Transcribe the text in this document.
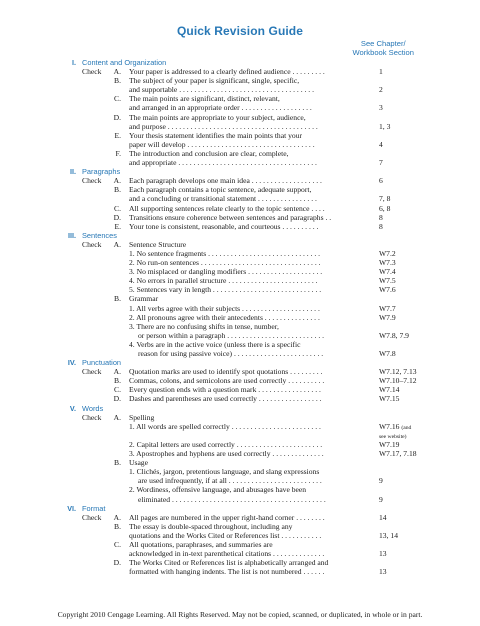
Quick Revision Guide
See Chapter/
Workbook Section
I. Content and Organization
Check	A. Your paper is addressed to a clearly defined audience . . . . . . . . .	1
B. The subject of your paper is significant, single, specific,
and supportable . . . . . . . . . . . . . . . . . . . . . . . . . . . . . . . . . . . .	2
C. The main points are significant, distinct, relevant,
and arranged in an appropriate order . . . . . . . . . . . . . . . . . . .	3
D. The main points are appropriate to your subject, audience,
and purpose . . . . . . . . . . . . . . . . . . . . . . . . . . . . . . . . . . . . . . . .	1, 3
E. Your thesis statement identifies the main points that your
paper will develop . . . . . . . . . . . . . . . . . . . . . . . . . . . . . . . . . .	4
F. The introduction and conclusion are clear, complete,
and appropriate . . . . . . . . . . . . . . . . . . . . . . . . . . . . . . . . . . . . .	7
II. Paragraphs
Check	A. Each paragraph develops one main idea . . . . . . . . . . . . . . . . . . .	6
B. Each paragraph contains a topic sentence, adequate support,
and a concluding or transitional statement . . . . . . . . . . . . . . . .	7, 8
C. All supporting sentences relate clearly to the topic sentence . . . .	6, 8
D. Transitions ensure coherence between sentences and paragraphs . .	8
E. Your tone is consistent, reasonable, and courteous . . . . . . . . . .	8
III. Sentences
Check	A. Sentence Structure
1. No sentence fragments . . . . . . . . . . . . . . . . . . . . . . . . . . . . . .	W7.2
2. No run-on sentences . . . . . . . . . . . . . . . . . . . . . . . . . . . . . . . .	W7.3
3. No misplaced or dangling modifiers . . . . . . . . . . . . . . . . . . . .	W7.4
4. No errors in parallel structure . . . . . . . . . . . . . . . . . . . . . . . .	W7.5
5. Sentences vary in length . . . . . . . . . . . . . . . . . . . . . . . . . . . . .	W7.6
B. Grammar
1. All verbs agree with their subjects . . . . . . . . . . . . . . . . . . . . .	W7.7
2. All pronouns agree with their antecedents . . . . . . . . . . . . . . .	W7.9
3. There are no confusing shifts in tense, number,
or person within a paragraph . . . . . . . . . . . . . . . . . . . . . . . . . .	W7.8, 7.9
4. Verbs are in the active voice (unless there is a specific
reason for using passive voice) . . . . . . . . . . . . . . . . . . . . . . . .	W7.8
IV. Punctuation
Check	A. Quotation marks are used to identify spot quotations . . . . . . . . .	W7.12, 7.13
B. Commas, colons, and semicolons are used correctly . . . . . . . . . .	W7.10–7.12
C. Every question ends with a question mark . . . . . . . . . . . . . . . . .	W7.14
D. Dashes and parentheses are used correctly . . . . . . . . . . . . . . . . .	W7.15
V. Words
Check	A. Spelling
1. All words are spelled correctly . . . . . . . . . . . . . . . . . . . . . . . .	W7.16 (and
see website)
2. Capital letters are used correctly . . . . . . . . . . . . . . . . . . . . . . .	W7.19
3. Apostrophes and hyphens are used correctly . . . . . . . . . . . . . .	W7.17, 7.18
B. Usage
1. Clichés, jargon, pretentious language, and slang expressions
are used infrequently, if at all . . . . . . . . . . . . . . . . . . . . . . . . .	9
2. Wordiness, offensive language, and abusages have been
eliminated . . . . . . . . . . . . . . . . . . . . . . . . . . . . . . . . . . . . . . . . .	9
VI. Format
Check	A. All pages are numbered in the upper right-hand corner . . . . . . . .	14
B. The essay is double-spaced throughout, including any
quotations and the Works Cited or References list . . . . . . . . . . .	13, 14
C. All quotations, paraphrases, and summaries are
acknowledged in in-text parenthetical citations . . . . . . . . . . . . . .	13
D. The Works Cited or References list is alphabetically arranged and
formatted with hanging indents. The list is not numbered . . . . . .	13
Copyright 2010 Cengage Learning. All Rights Reserved. May not be copied, scanned, or duplicated, in whole or in part.
